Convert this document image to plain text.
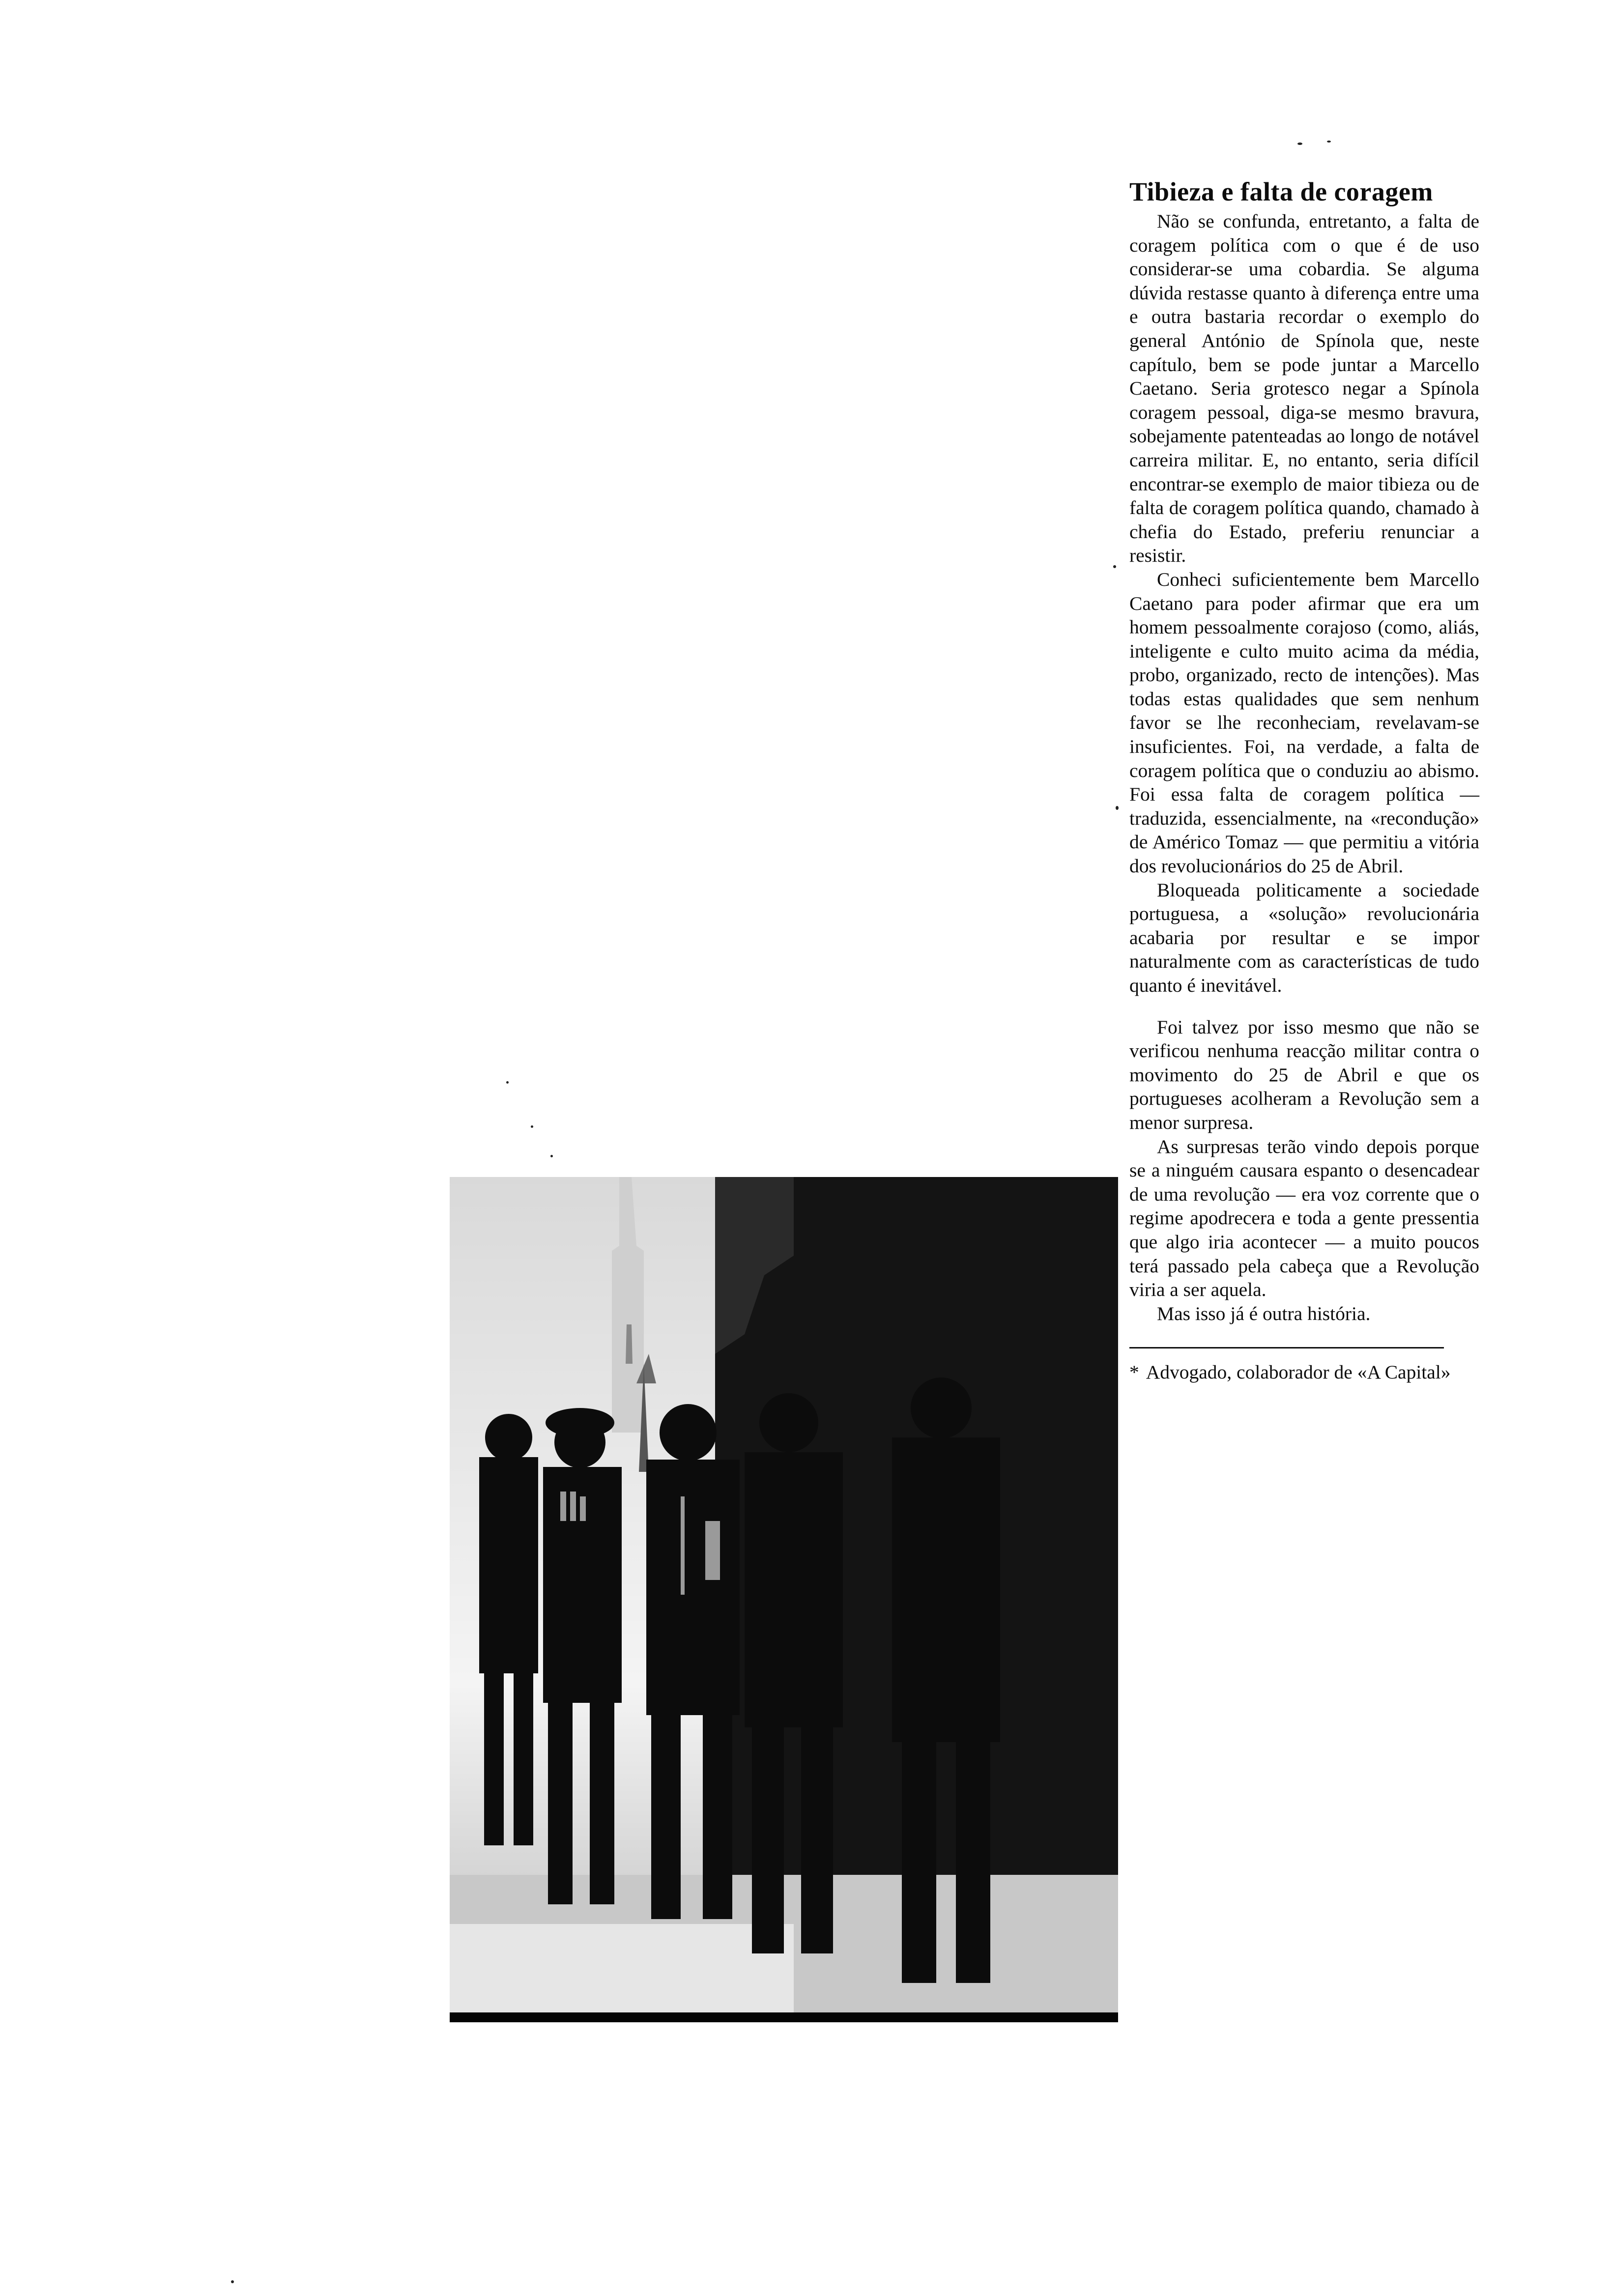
Tibieza e falta de coragem

Não se confunda, entretanto, a falta de coragem política com o que é de uso considerar-se uma cobardia. Se alguma dúvida restasse quanto à diferença entre uma e outra bastaria recordar o exemplo do general António de Spínola que, neste capítulo, bem se pode juntar a Marcello Caetano. Seria grotesco negar a Spínola coragem pessoal, diga-se mesmo bravura, sobejamente patenteadas ao longo de notável carreira militar. E, no entanto, seria difícil encontrar-se exemplo de maior tibieza ou de falta de coragem política quando, chamado à chefia do Estado, preferiu renunciar a resistir.

Conheci suficientemente bem Marcello Caetano para poder afirmar que era um homem pessoalmente corajoso (como, aliás, inteligente e culto muito acima da média, probo, organizado, recto de intenções). Mas todas estas qualidades que sem nenhum favor se lhe reconheciam, revelavam-se insuficientes. Foi, na verdade, a falta de coragem política que o conduziu ao abismo. Foi essa falta de coragem política — traduzida, essencialmente, na «recondução» de Américo Tomaz — que permitiu a vitória dos revolucionários do 25 de Abril.

Bloqueada politicamente a sociedade portuguesa, a «solução» revolucionária acabaria por resultar e se impor naturalmente com as características de tudo quanto é inevitável.

Foi talvez por isso mesmo que não se verificou nenhuma reacção militar contra o movimento do 25 de Abril e que os portugueses acolheram a Revolução sem a menor surpresa.

As surpresas terão vindo depois porque se a ninguém causara espanto o desencadear de uma revolução — era voz corrente que o regime apodrecera e toda a gente pressentia que algo iria acontecer — a muito poucos terá passado pela cabeça que a Revolução viria a ser aquela.

Mas isso já é outra história.

* Advogado, colaborador de «A Capital»
